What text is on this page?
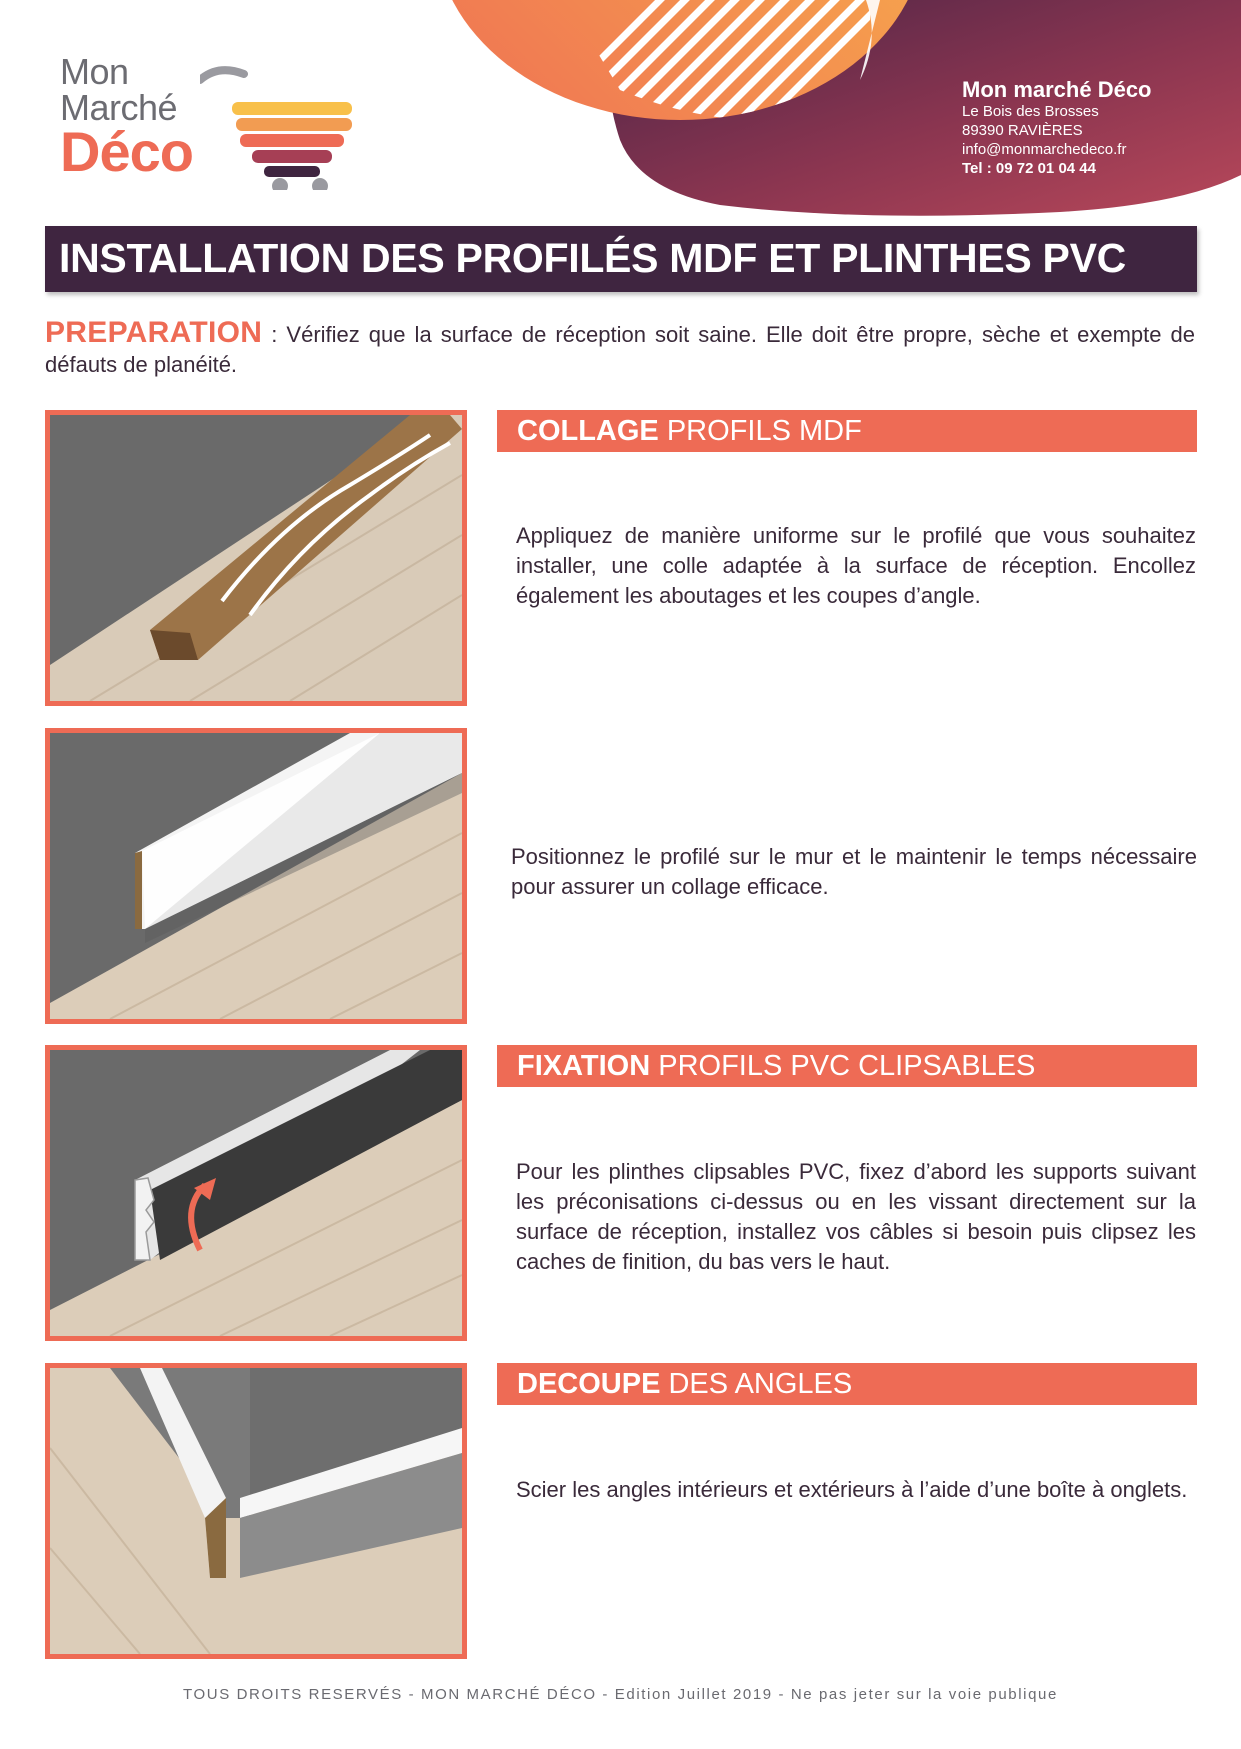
Mon
Marché
Déco
Mon marché Déco
Le Bois des Brosses
89390 RAVIÈRES
info@monmarchedeco.fr
Tel : 09 72 01 04 44
INSTALLATION DES PROFILÉS MDF ET PLINTHES PVC
PREPARATION : Vérifiez que la surface de réception soit saine. Elle doit être propre, sèche et exempte de défauts de planéité.
COLLAGE PROFILS MDF
Appliquez de manière uniforme sur le profilé que vous souhaitez installer, une colle adaptée à la surface de réception. Encollez également les aboutages et les coupes d’angle.
Positionnez le profilé sur le mur et le maintenir le temps nécessaire pour assurer un collage efficace.
FIXATION PROFILS PVC CLIPSABLES
Pour les plinthes clipsables PVC, fixez d’abord les supports suivant les préconisations ci-dessus ou en les vissant directement sur la surface de réception, installez vos câbles si besoin puis clipsez les caches de finition, du bas vers le haut.
DECOUPE DES ANGLES
Scier les angles intérieurs et extérieurs à l’aide d’une boîte à onglets.
TOUS DROITS RESERVÉS - MON MARCHÉ DÉCO - Edition Juillet 2019 - Ne pas jeter sur la voie publique
